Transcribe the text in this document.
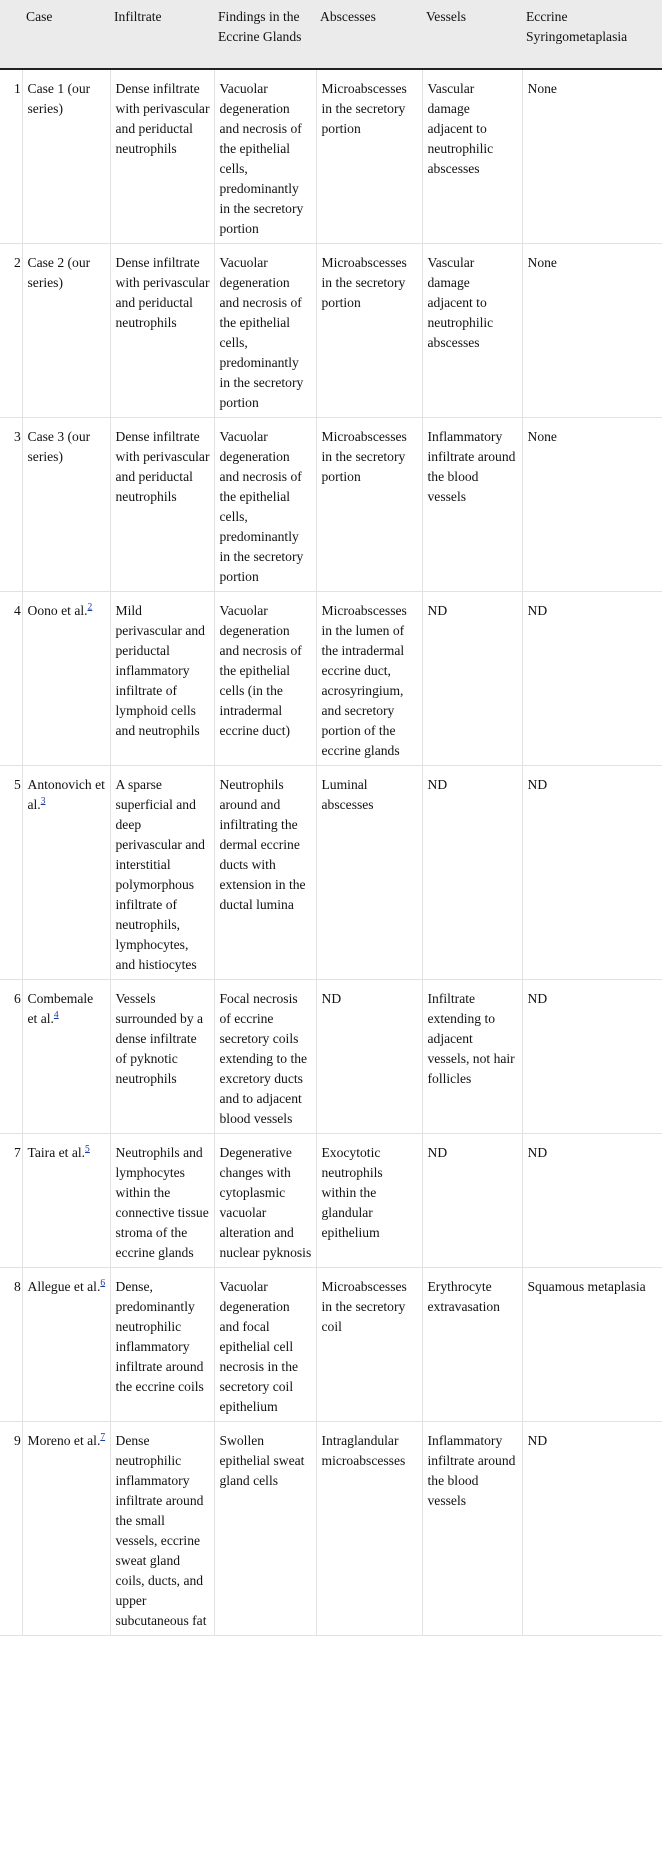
	Case	Infiltrate	Findings in the Eccrine Glands	Abscesses	Vessels	Eccrine Syringometaplasia
1	Case 1 (our series)	Dense infiltrate with perivascular and periductal neutrophils	Vacuolar degeneration and necrosis of the epithelial cells, predominantly in the secretory portion	Microabscesses in the secretory portion	Vascular damage adjacent to neutrophilic abscesses	None
2	Case 2 (our series)	Dense infiltrate with perivascular and periductal neutrophils	Vacuolar degeneration and necrosis of the epithelial cells, predominantly in the secretory portion	Microabscesses in the secretory portion	Vascular damage adjacent to neutrophilic abscesses	None
3	Case 3 (our series)	Dense infiltrate with perivascular and periductal neutrophils	Vacuolar degeneration and necrosis of the epithelial cells, predominantly in the secretory portion	Microabscesses in the secretory portion	Inflammatory infiltrate around the blood vessels	None
4	Oono et al.$^2$	Mild perivascular and periductal inflammatory infiltrate of lymphoid cells and neutrophils	Vacuolar degeneration and necrosis of the epithelial cells (in the intradermal eccrine duct)	Microabscesses in the lumen of the intradermal eccrine duct, acrosyringium, and secretory portion of the eccrine glands	ND	ND
5	Antonovich et al.$^3$	A sparse superficial and deep perivascular and interstitial polymorphous infiltrate of neutrophils, lymphocytes, and histiocytes	Neutrophils around and infiltrating the dermal eccrine ducts with extension in the ductal lumina	Luminal abscesses	ND	ND
6	Combemale et al.$^4$	Vessels surrounded by a dense infiltrate of pyknotic neutrophils	Focal necrosis of eccrine secretory coils extending to the excretory ducts and to adjacent blood vessels	ND	Infiltrate extending to adjacent vessels, not hair follicles	ND
7	Taira et al.$^5$	Neutrophils and lymphocytes within the connective tissue stroma of the eccrine glands	Degenerative changes with cytoplasmic vacuolar alteration and nuclear pyknosis	Exocytotic neutrophils within the glandular epithelium	ND	ND
8	Allegue et al.$^6$	Dense, predominantly neutrophilic inflammatory infiltrate around the eccrine coils	Vacuolar degeneration and focal epithelial cell necrosis in the secretory coil epithelium	Microabscesses in the secretory coil	Erythrocyte extravasation	Squamous metaplasia
9	Moreno et al.$^7$	Dense neutrophilic inflammatory infiltrate around the small vessels, eccrine sweat gland coils, ducts, and upper subcutaneous fat	Swollen epithelial sweat gland cells	Intraglandular microabscesses	Inflammatory infiltrate around the blood vessels	ND
